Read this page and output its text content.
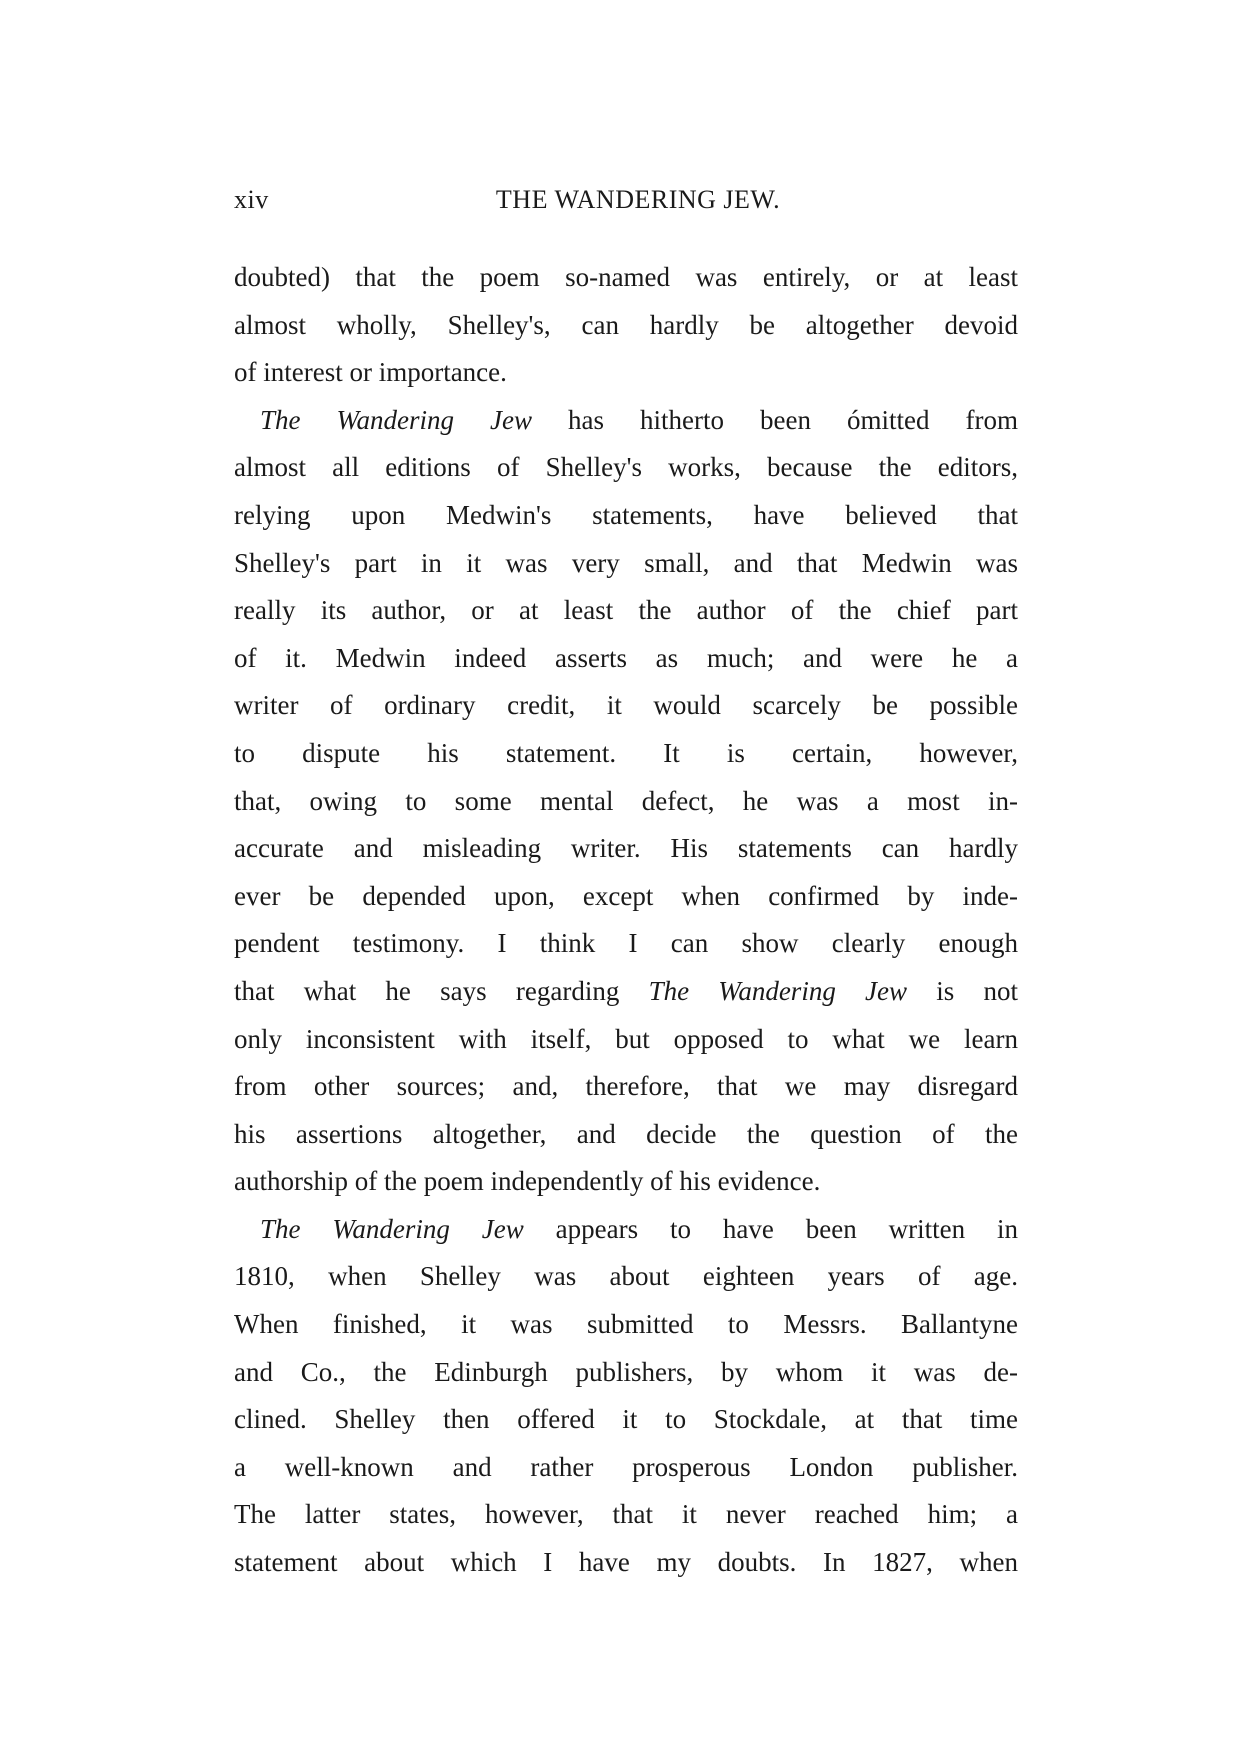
xiv	THE WANDERING JEW.
doubted) that the poem so-named was entirely, or at least
almost wholly, Shelley's, can hardly be altogether devoid
of interest or importance.
The Wandering Jew has hitherto been ómitted from
almost all editions of Shelley's works, because the editors,
relying upon Medwin's statements, have believed that
Shelley's part in it was very small, and that Medwin was
really its author, or at least the author of the chief part
of it. Medwin indeed asserts as much; and were he a
writer of ordinary credit, it would scarcely be possible
to dispute his statement. It is certain, however,
that, owing to some mental defect, he was a most in-
accurate and misleading writer. His statements can hardly
ever be depended upon, except when confirmed by inde-
pendent testimony. I think I can show clearly enough
that what he says regarding The Wandering Jew is not
only inconsistent with itself, but opposed to what we learn
from other sources; and, therefore, that we may disregard
his assertions altogether, and decide the question of the
authorship of the poem independently of his evidence.
The Wandering Jew appears to have been written in
1810, when Shelley was about eighteen years of age.
When finished, it was submitted to Messrs. Ballantyne
and Co., the Edinburgh publishers, by whom it was de-
clined. Shelley then offered it to Stockdale, at that time
a well-known and rather prosperous London publisher.
The latter states, however, that it never reached him; a
statement about which I have my doubts. In 1827, when
